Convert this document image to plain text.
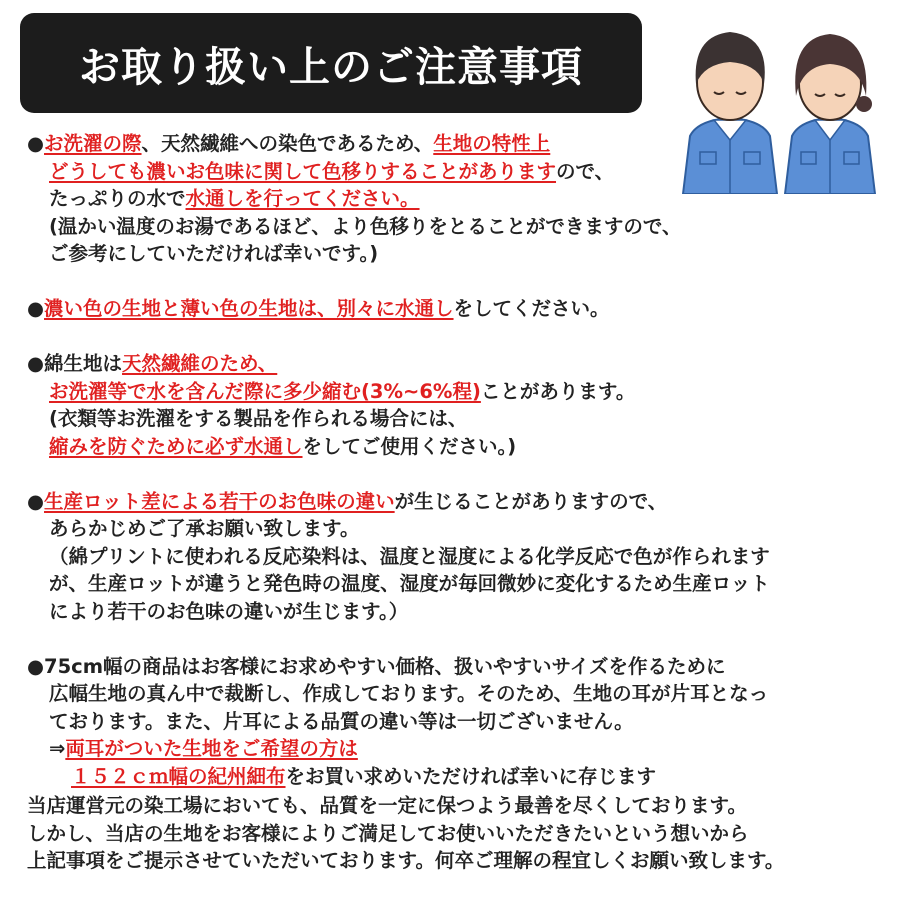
お取り扱い上のご注意事項
●お洗濯の際、天然繊維への染色であるため、生地の特性上
どうしても濃いお色味に関して色移りすることがありますので、
たっぷりの水で水通しを行ってください。
(温かい温度のお湯であるほど、より色移りをとることができますので、
ご参考にしていただければ幸いです。)
●濃い色の生地と薄い色の生地は、別々に水通しをしてください。
●綿生地は天然繊維のため、
お洗濯等で水を含んだ際に多少縮む(3%~6%程)ことがあります。
(衣類等お洗濯をする製品を作られる場合には、
縮みを防ぐために必ず水通しをしてご使用ください。)
●生産ロット差による若干のお色味の違いが生じることがありますので、
あらかじめご了承お願い致します。
（綿プリントに使われる反応染料は、温度と湿度による化学反応で色が作られます
が、生産ロットが違うと発色時の温度、湿度が毎回微妙に変化するため生産ロット
により若干のお色味の違いが生じます。）
●75cm幅の商品はお客様にお求めやすい価格、扱いやすいサイズを作るために
広幅生地の真ん中で裁断し、作成しております。そのため、生地の耳が片耳となっ
ております。また、片耳による品質の違い等は一切ございません。
⇒両耳がついた生地をご希望の方は
１５２ｃｍ幅の紀州細布をお買い求めいただければ幸いに存じます
当店運営元の染工場においても、品質を一定に保つよう最善を尽くしております。
しかし、当店の生地をお客様によりご満足してお使いいただきたいという想いから
上記事項をご提示させていただいております。何卒ご理解の程宜しくお願い致します。
